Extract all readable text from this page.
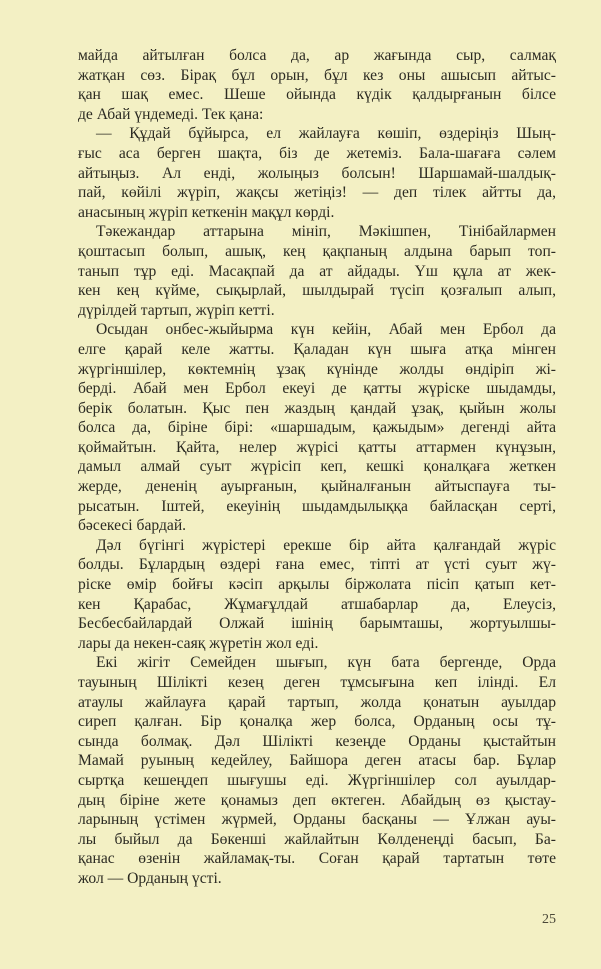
майда айтылған болса да, ар жағында сыр, салмақ
жатқан сөз. Бірақ бұл орын, бұл кез оны ашысып айтыс-
қан шақ емес. Шеше ойында күдік қалдырғанын білсе
де Абай үндемеді. Тек қана:
— Құдай бұйырса, ел жайлауға көшіп, өздеріңіз Шың-
ғыс аса берген шақта, біз де жетеміз. Бала-шағаға сәлем
айтыңыз. Ал енді, жолыңыз болсын! Шаршамай-шалдық-
пай, көйілі жүріп, жақсы жетіңіз! — деп тілек айтты да,
анасының жүріп кеткенін мақұл көрді.
Тәкежандар аттарына мініп, Мәкішпен, Тінібайлармен
қоштасып болып, ашық, кең қақпаның алдына барып топ-
танып тұр еді. Масақпай да ат айдады. Үш құла ат жек-
кен кең күйме, сықырлай, шылдырай түсіп қозғалып алып,
дүрілдей тартып, жүріп кетті.
Осыдан онбес-жыйырма күн кейін, Абай мен Ербол да
елге қарай келе жатты. Қаладан күн шыға атқа мінген
жүргіншілер, көктемнің ұзақ күнінде жолды өндіріп жі-
берді. Абай мен Ербол екеуі де қатты жүріске шыдамды,
берік болатын. Қыс пен жаздың қандай ұзақ, қыйын жолы
болса да, біріне бірі: «шаршадым, қажыдым» дегенді айта
қоймайтын. Қайта, нелер жүрісі қатты аттармен күнұзын,
дамыл алмай суыт жүрісіп кеп, кешкі қоналқаға жеткен
жерде, дененің ауырғанын, қыйналғанын айтыспауға ты-
рысатын. Іштей, екеуінің шыдамдылыққа байласқан серті,
бәсекесі бардай.
Дәл бүгінгі жүрістері ерекше бір айта қалғандай жүріс
болды. Бұлардың өздері ғана емес, тіпті ат үсті суыт жү-
ріске өмір бойғы кәсіп арқылы біржолата пісіп қатып кет-
кен Қарабас, Жұмағұлдай атшабарлар да, Елеусіз,
Бесбесбайлардай Олжай ішінің барымташы, жортуылшы-
лары да некен-саяқ жүретін жол еді.
Екі жігіт Семейден шығып, күн бата бергенде, Орда
тауының Шілікті кезең деген тұмсығына кеп ілінді. Ел
атаулы жайлауға қарай тартып, жолда қонатын ауылдар
сиреп қалған. Бір қоналқа жер болса, Орданың осы тұ-
сында болмақ. Дәл Шілікті кезеңде Орданы қыстайтын
Мамай руының кедейлеу, Байшора деген атасы бар. Бұлар
сыртқа кешеңдеп шығушы еді. Жүргіншілер сол ауылдар-
дың біріне жете қонамыз деп өктеген. Абайдың өз қыстау-
ларының үстімен жүрмей, Орданы басқаны — Ұлжан ауы-
лы быйыл да Бөкенші жайлайтын Көлденеңді басып, Ба-
қанас өзенін жайламақ-ты. Соған қарай тартатын төте
жол — Орданың үсті.
25
